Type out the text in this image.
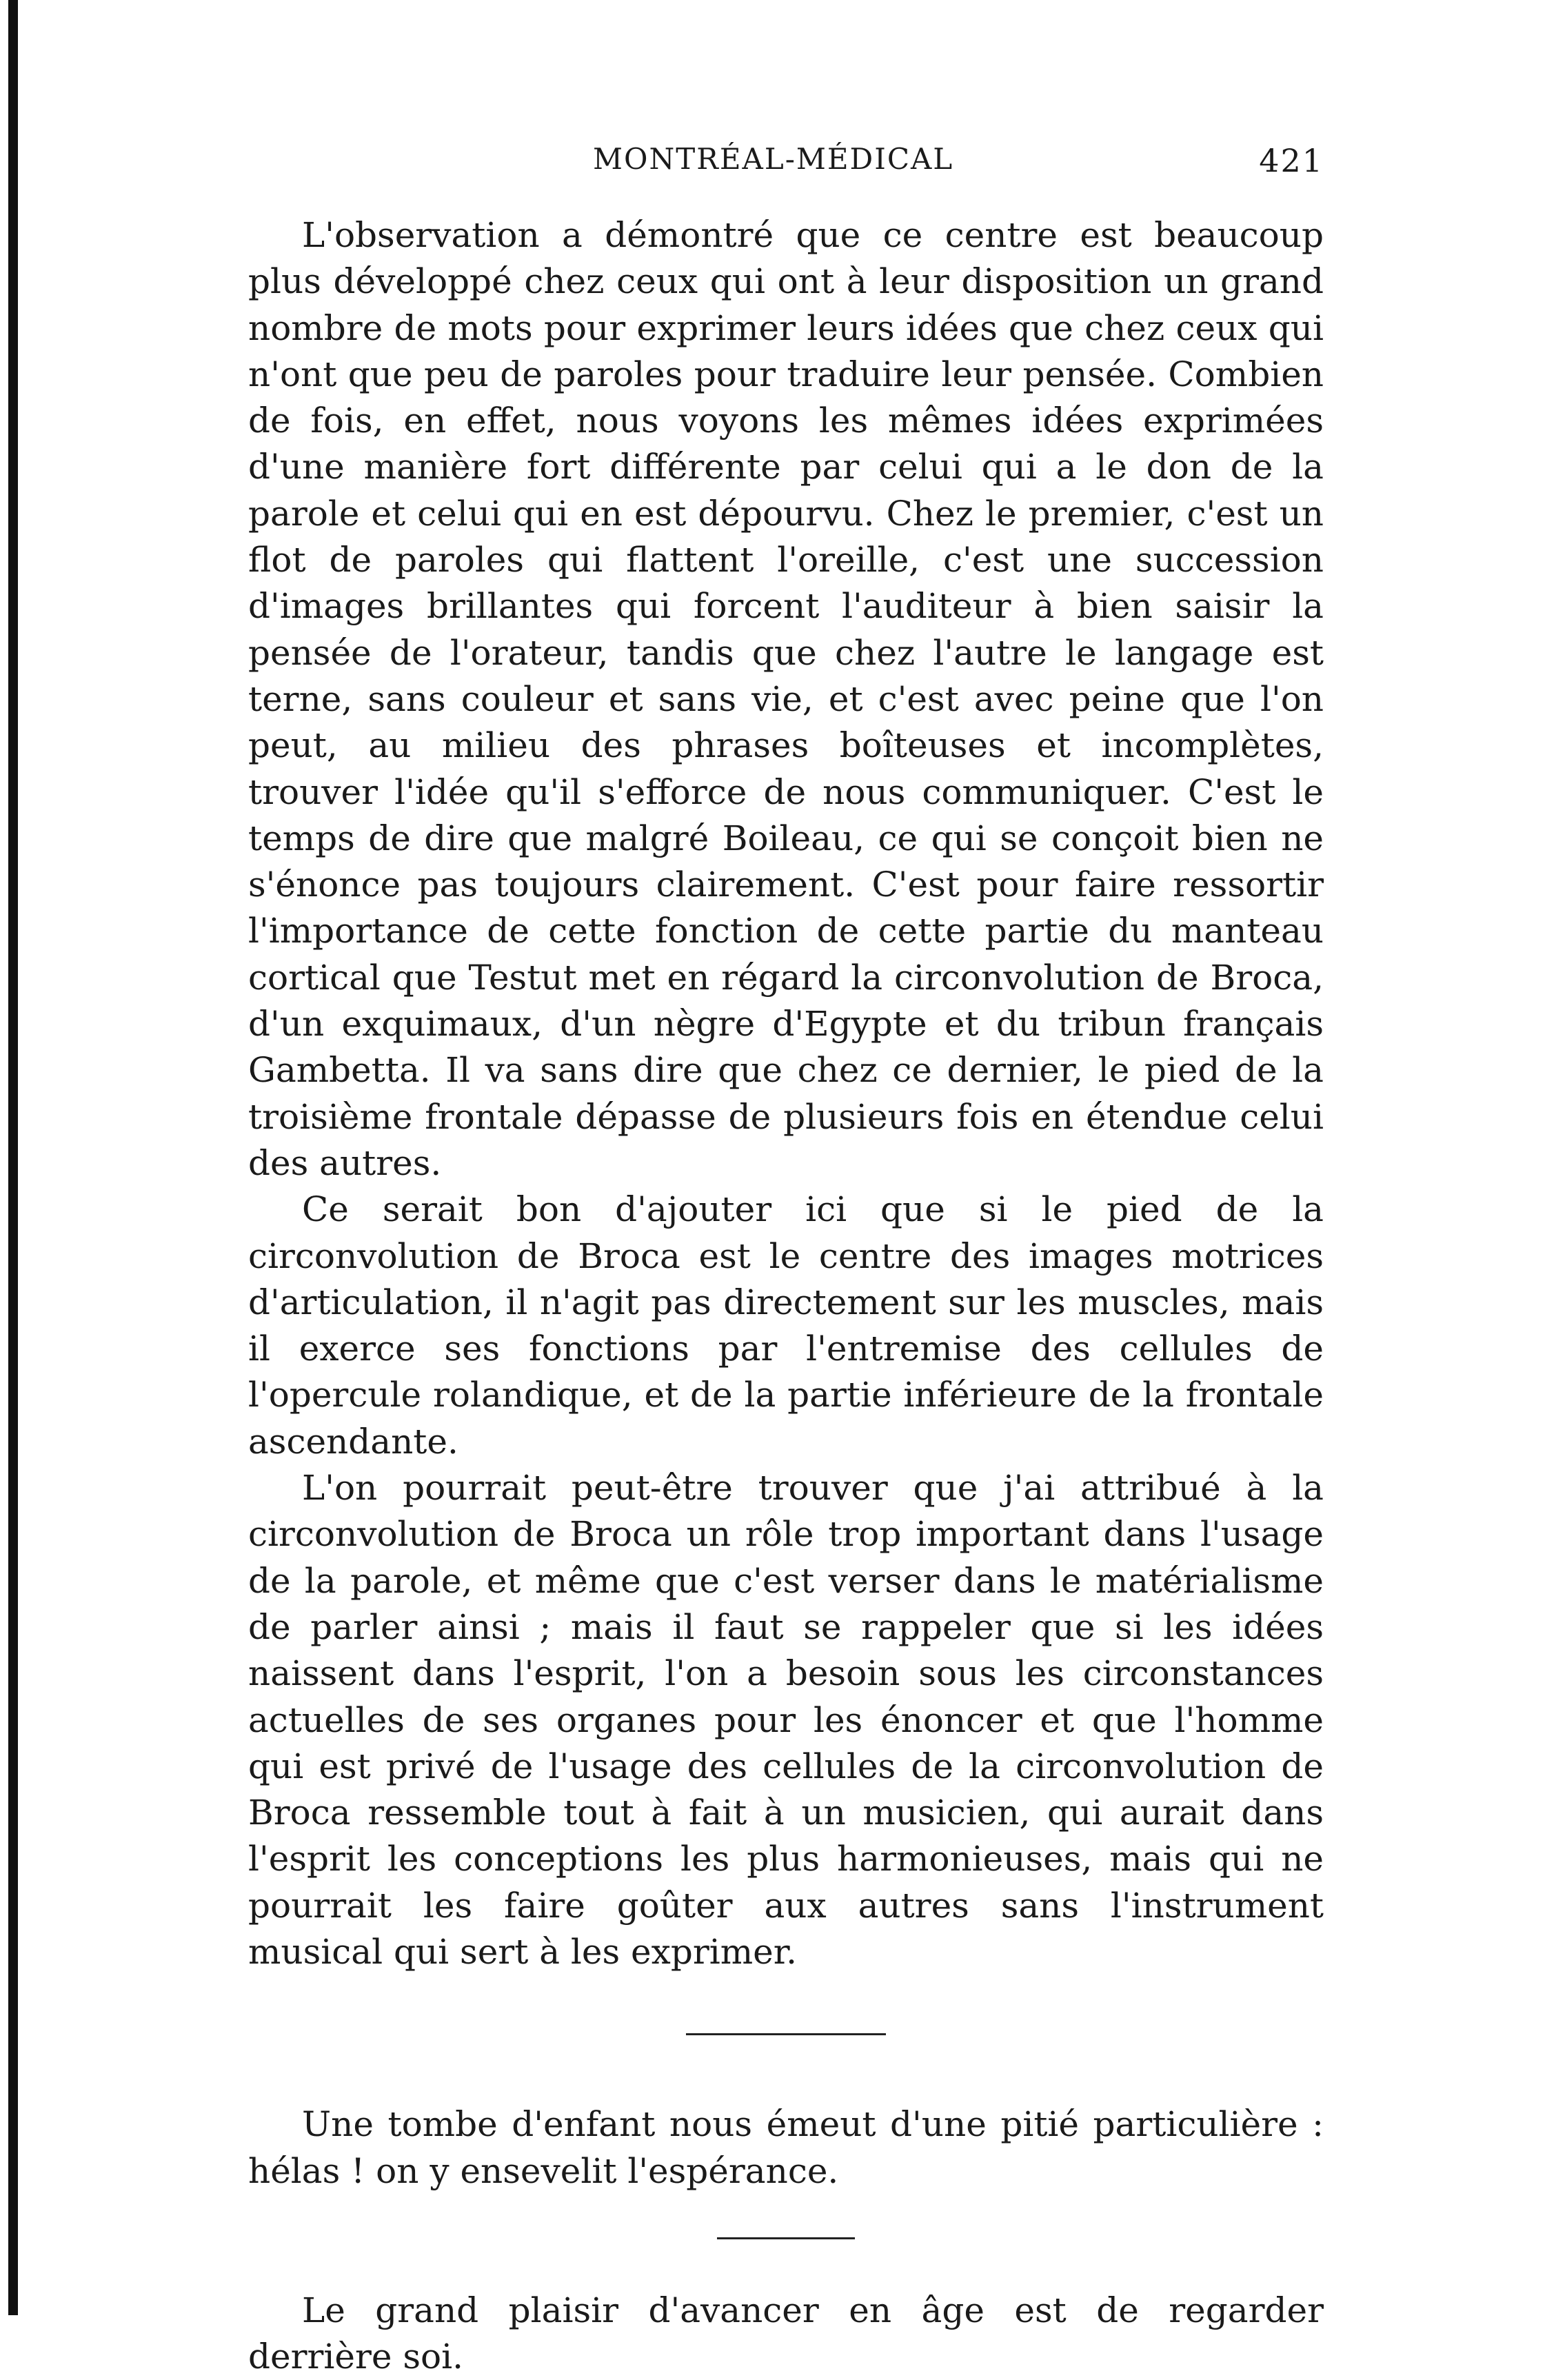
MONTRÉAL-MÉDICAL	421

L'observation a démontré que ce centre est beaucoup plus développé chez ceux qui ont à leur disposition un grand nombre de mots pour exprimer leurs idées que chez ceux qui n'ont que peu de paroles pour traduire leur pensée. Combien de fois, en effet, nous voyons les mêmes idées exprimées d'une manière fort différente par celui qui a le don de la parole et celui qui en est dépourvu. Chez le premier, c'est un flot de paroles qui flattent l'oreille, c'est une succession d'images brillantes qui forcent l'auditeur à bien saisir la pensée de l'orateur, tandis que chez l'autre le langage est terne, sans couleur et sans vie, et c'est avec peine que l'on peut, au milieu des phrases boîteuses et incomplètes, trouver l'idée qu'il s'efforce de nous communiquer. C'est le temps de dire que malgré Boileau, ce qui se conçoit bien ne s'énonce pas toujours clairement. C'est pour faire ressortir l'importance de cette fonction de cette partie du manteau cortical que Testut met en régard la circonvolution de Broca, d'un exquimaux, d'un nègre d'Egypte et du tribun français Gambetta. Il va sans dire que chez ce dernier, le pied de la troisième frontale dépasse de plusieurs fois en étendue celui des autres.

Ce serait bon d'ajouter ici que si le pied de la circonvolution de Broca est le centre des images motrices d'articulation, il n'agit pas directement sur les muscles, mais il exerce ses fonctions par l'entremise des cellules de l'opercule rolandique, et de la partie inférieure de la frontale ascendante.

L'on pourrait peut-être trouver que j'ai attribué à la circonvolution de Broca un rôle trop important dans l'usage de la parole, et même que c'est verser dans le matérialisme de parler ainsi ; mais il faut se rappeler que si les idées naissent dans l'esprit, l'on a besoin sous les circonstances actuelles de ses organes pour les énoncer et que l'homme qui est privé de l'usage des cellules de la circonvolution de Broca ressemble tout à fait à un musicien, qui aurait dans l'esprit les conceptions les plus harmonieuses, mais qui ne pourrait les faire goûter aux autres sans l'instrument musical qui sert à les exprimer.

Une tombe d'enfant nous émeut d'une pitié particulière : hélas ! on y ensevelit l'espérance.

Le grand plaisir d'avancer en âge est de regarder derrière soi.
